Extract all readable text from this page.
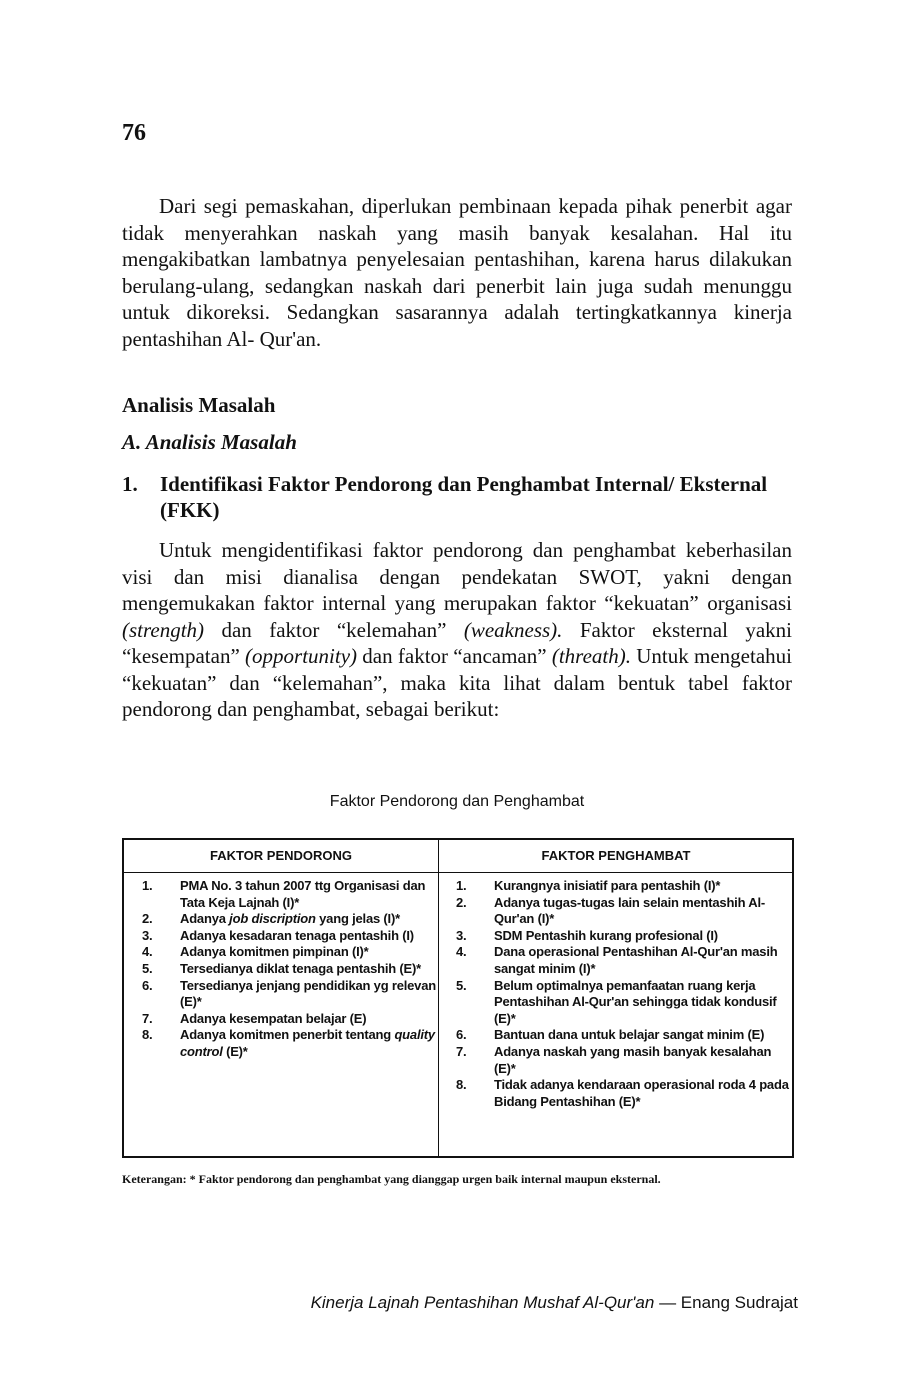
76

Dari segi pemaskahan, diperlukan pembinaan kepada pihak penerbit agar tidak menyerahkan naskah yang masih banyak kesalahan. Hal itu mengakibatkan lambatnya penyelesaian pentashihan, karena harus dilakukan berulang-ulang, sedangkan naskah dari penerbit lain juga sudah menunggu untuk dikoreksi. Sedangkan sasarannya adalah tertingkatkannya kinerja pentashihan Al- Qur'an.

Analisis Masalah
A. Analisis Masalah
1. Identifikasi Faktor Pendorong dan Penghambat Internal/ Eksternal (FKK)

Untuk mengidentifikasi faktor pendorong dan penghambat keberhasilan visi dan misi dianalisa dengan pendekatan SWOT, yakni dengan mengemukakan faktor internal yang merupakan faktor “kekuatan” organisasi (strength) dan faktor “kelemahan” (weakness). Faktor eksternal yakni “kesempatan” (opportunity) dan faktor “ancaman” (threath). Untuk mengetahui “kekuatan” dan “kelemahan”, maka kita lihat dalam bentuk tabel faktor pendorong dan penghambat, sebagai berikut:

Faktor Pendorong dan Penghambat
FAKTOR PENDORONG	FAKTOR PENGHAMBAT
1. PMA No. 3 tahun 2007 ttg Organisasi dan Tata Keja Lajnah (I)*
2. Adanya job discription yang jelas (I)*
3. Adanya kesadaran tenaga pentashih (I)
4. Adanya komitmen pimpinan (I)*
5. Tersedianya diklat tenaga pentashih (E)*
6. Tersedianya jenjang pendidikan yg relevan (E)*
7. Adanya kesempatan belajar (E)
8. Adanya komitmen penerbit tentang quality control (E)*
1. Kurangnya inisiatif para pentashih (I)*
2. Adanya tugas-tugas lain selain mentashih Al-Qur'an (I)*
3. SDM Pentashih kurang profesional (I)
4. Dana operasional Pentashihan Al-Qur'an masih sangat minim (I)*
5. Belum optimalnya pemanfaatan ruang kerja Pentashihan Al-Qur'an sehingga tidak kondusif (E)*
6. Bantuan dana untuk belajar sangat minim (E)
7. Adanya naskah yang masih banyak kesalahan (E)*
8. Tidak adanya kendaraan operasional roda 4 pada Bidang Pentashihan (E)*
Keterangan: * Faktor pendorong dan penghambat yang dianggap urgen baik internal maupun eksternal.
Kinerja Lajnah Pentashihan Mushaf Al-Qur'an — Enang Sudrajat
